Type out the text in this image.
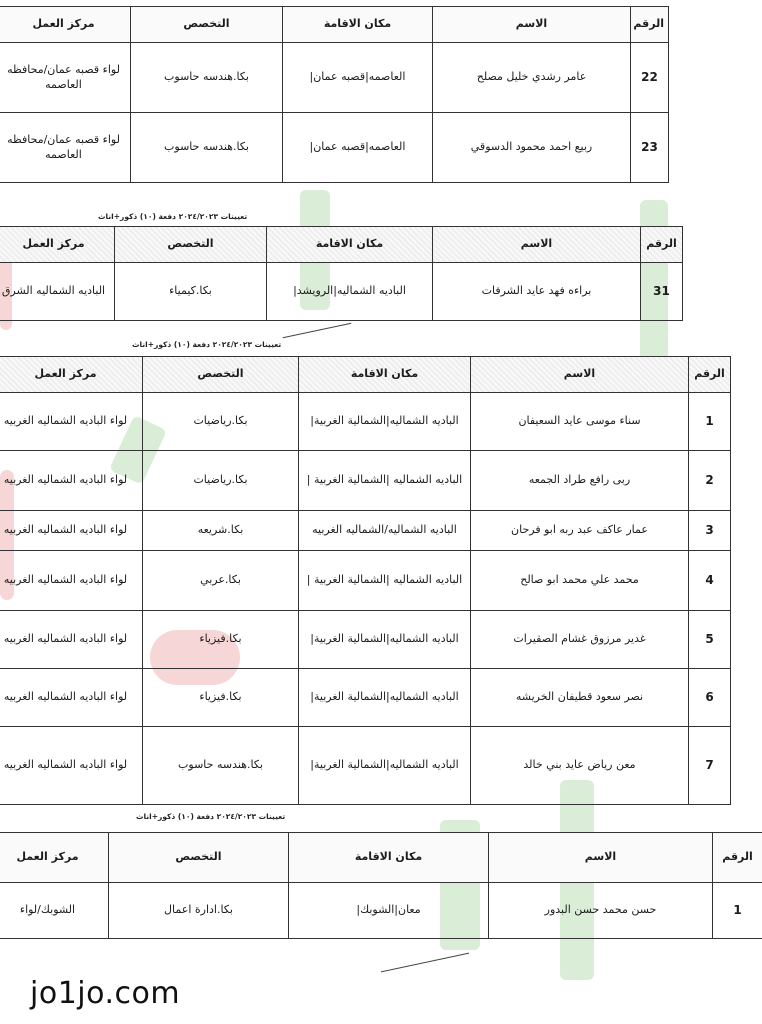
الرقم	الاسم	مكان الاقامة	التخصص	مركز العمل
22	عامر رشدي خليل مصلح	العاصمه|قصبه عمان|	بكا.هندسه حاسوب	لواء قصبه عمان/محافظه العاصمه
23	ربيع احمد محمود الدسوقي	العاصمه|قصبه عمان|	بكا.هندسه حاسوب	لواء قصبه عمان/محافظه العاصمه
تعيينات ٢٠٢٤/٢٠٢٣ دفعة (١٠) ذكور+اناث
الرقم	الاسم	مكان الاقامة	التخصص	مركز العمل
31	براءه فهد عايد الشرفات	الباديه الشماليه|الرويشد|	بكا.كيمياء	الباديه الشماليه الشرق
تعيينات ٢٠٢٤/٢٠٢٣ دفعة (١٠) ذكور+اناث
الرقم	الاسم	مكان الاقامة	التخصص	مركز العمل
1	سناء موسى عايد السعيفان	الباديه الشماليه|الشمالية الغربية|	بكا.رياضيات	لواء الباديه الشماليه الغربيه
2	ربى رافع طراد الجمعه	الباديه الشماليه |الشمالية الغربية |	بكا.رياضيات	لواء الباديه الشماليه الغربيه
3	عمار عاكف عبد ربه ابو فرحان	الباديه الشماليه/الشماليه الغربيه	بكا.شريعه	لواء الباديه الشماليه الغربيه
4	محمد علي محمد ابو صالح	الباديه الشماليه |الشمالية الغربية |	بكا.عربي	لواء الباديه الشماليه الغربيه
5	غدير مرزوق غشام الصقيرات	الباديه الشماليه|الشمالية الغربية|	بكا.فيزياء	لواء الباديه الشماليه الغربيه
6	نصر سعود قطيفان الخريشه	الباديه الشماليه|الشمالية الغربية|	بكا.فيزياء	لواء الباديه الشماليه الغربيه
7	معن رياض عايد بني خالد	الباديه الشماليه|الشمالية الغربية|	بكا.هندسه حاسوب	لواء الباديه الشماليه الغربيه
تعيينات ٢٠٢٤/٢٠٢٣ دفعة (١٠) ذكور+اناث
الرقم	الاسم	مكان الاقامة	التخصص	مركز العمل
1	حسن محمد حسن البدور	معان|الشوبك|	بكا.ادارة اعمال	الشوبك/لواء
jo1jo.com
